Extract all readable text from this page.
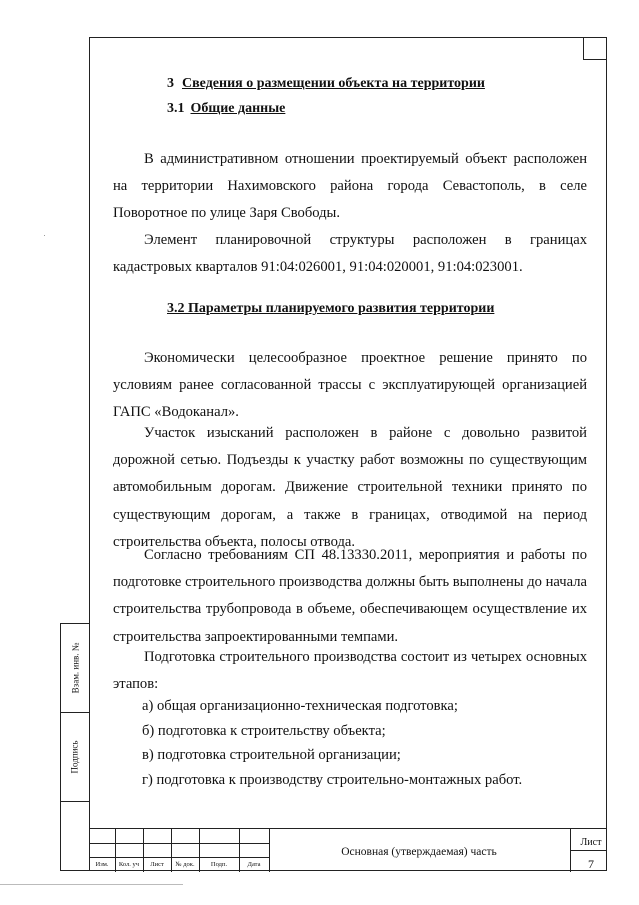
Взам. инв. №
Подпись
3 Сведения о размещении объекта на территории
3.1 Общие данные

В административном отношении проектируемый объект расположен на территории Нахимовского района города Севастополь, в селе Поворотное по улице Заря Свободы.

Элемент планировочной структуры расположен в границах кадастровых кварталов 91:04:026001, 91:04:020001, 91:04:023001.

3.2 Параметры планируемого развития территории

Экономически целесообразное проектное решение принято по условиям ранее согласованной трассы с эксплуатирующей организацией ГАПС «Водоканал».

Участок изысканий расположен в районе с довольно развитой дорожной сетью. Подъезды к участку работ возможны по существующим автомобильным дорогам. Движение строительной техники принято по существующим дорогам, а также в границах, отводимой на период строительства объекта, полосы отвода.

Согласно требованиям СП 48.13330.2011, мероприятия и работы по подготовке строительного производства должны быть выполнены до начала строительства трубопровода в объеме, обеспечивающем осуществление их строительства запроектированными темпами.

Подготовка строительного производства состоит из четырех основных этапов:

а) общая организационно-техническая подготовка;

б) подготовка к строительству объекта;

в) подготовка строительной организации;

г) подготовка к производству строительно-монтажных работ.

Изм.	Кол. уч	Лист	№ док.	Подп.	Дата
Основная (утверждаемая) часть
Лист
7
